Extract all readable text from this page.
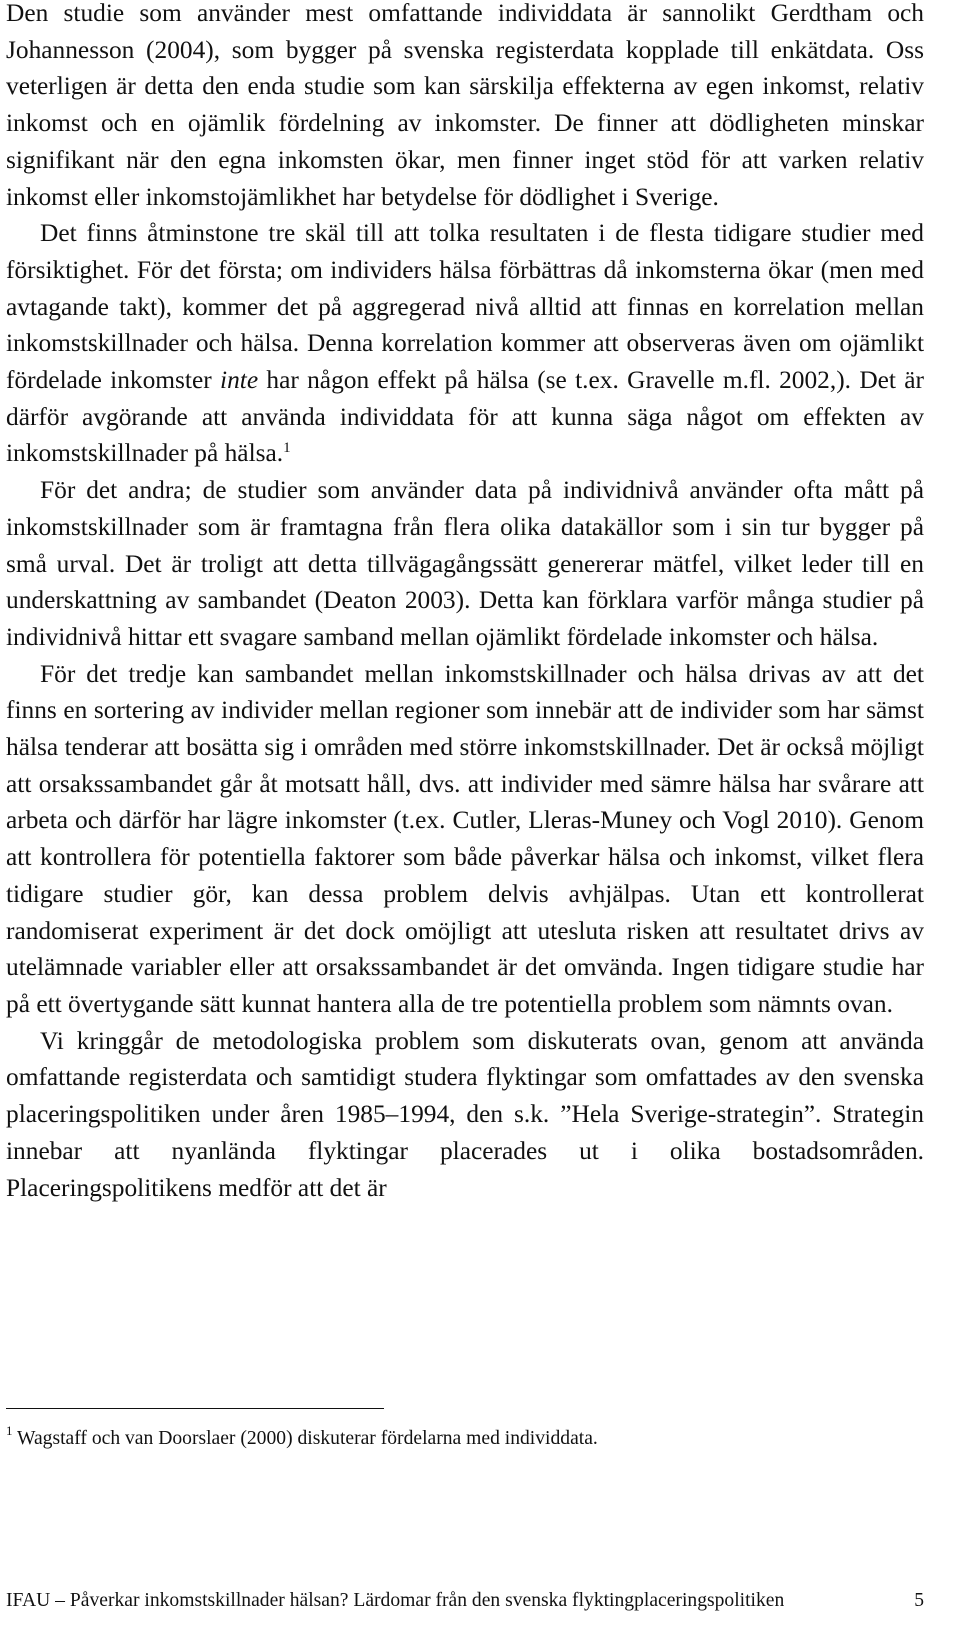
Den studie som använder mest omfattande individdata är sannolikt Gerdtham och Johannesson (2004), som bygger på svenska registerdata kopplade till enkätdata. Oss veterligen är detta den enda studie som kan särskilja effekterna av egen inkomst, relativ inkomst och en ojämlik fördelning av inkomster. De finner att dödligheten minskar signifikant när den egna inkomsten ökar, men finner inget stöd för att varken relativ inkomst eller inkomstojämlikhet har betydelse för dödlighet i Sverige.

Det finns åtminstone tre skäl till att tolka resultaten i de flesta tidigare studier med försiktighet. För det första; om individers hälsa förbättras då inkomsterna ökar (men med avtagande takt), kommer det på aggregerad nivå alltid att finnas en korrelation mellan inkomstskillnader och hälsa. Denna korrelation kommer att observeras även om ojämlikt fördelade inkomster inte har någon effekt på hälsa (se t.ex. Gravelle m.fl. 2002,). Det är därför avgörande att använda individdata för att kunna säga något om effekten av inkomstskillnader på hälsa.$^1$

För det andra; de studier som använder data på individnivå använder ofta mått på inkomstskillnader som är framtagna från flera olika datakällor som i sin tur bygger på små urval. Det är troligt att detta tillvägagångssätt genererar mätfel, vilket leder till en underskattning av sambandet (Deaton 2003). Detta kan förklara varför många studier på individnivå hittar ett svagare samband mellan ojämlikt fördelade inkomster och hälsa.

För det tredje kan sambandet mellan inkomstskillnader och hälsa drivas av att det finns en sortering av individer mellan regioner som innebär att de individer som har sämst hälsa tenderar att bosätta sig i områden med större inkomstskillnader. Det är också möjligt att orsakssambandet går åt motsatt håll, dvs. att individer med sämre hälsa har svårare att arbeta och därför har lägre inkomster (t.ex. Cutler, Lleras-Muney och Vogl 2010). Genom att kontrollera för potentiella faktorer som både påverkar hälsa och inkomst, vilket flera tidigare studier gör, kan dessa problem delvis avhjälpas. Utan ett kontrollerat randomiserat experiment är det dock omöjligt att utesluta risken att resultatet drivs av utelämnade variabler eller att orsakssambandet är det omvända. Ingen tidigare studie har på ett övertygande sätt kunnat hantera alla de tre potentiella problem som nämnts ovan.

Vi kringgår de metodologiska problem som diskuterats ovan, genom att använda omfattande registerdata och samtidigt studera flyktingar som omfattades av den svenska placeringspolitiken under åren 1985–1994, den s.k. ”Hela Sverige-strategin”. Strategin innebar att nyanlända flyktingar placerades ut i olika bostadsområden. Placeringspolitikens medför att det är

$^1$ Wagstaff och van Doorslaer (2000) diskuterar fördelarna med individdata.
IFAU – Påverkar inkomstskillnader hälsan? Lärdomar från den svenska flyktingplaceringspolitiken	5
